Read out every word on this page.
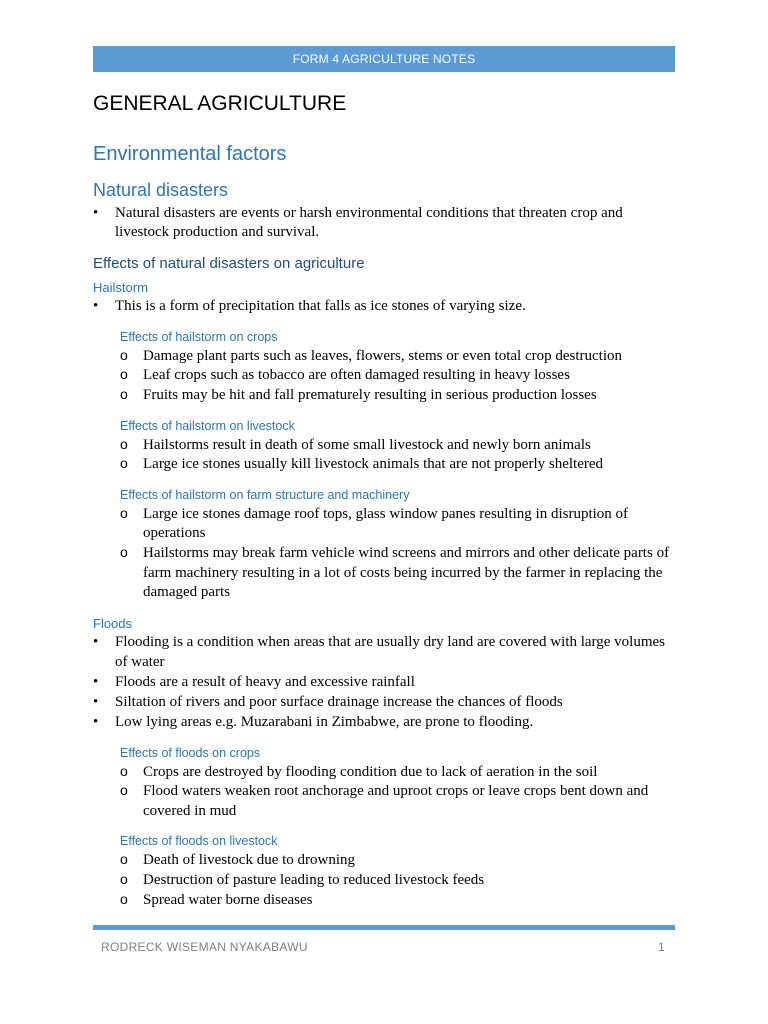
FORM 4 AGRICULTURE NOTES
GENERAL AGRICULTURE
Environmental factors
Natural disasters
• Natural disasters are events or harsh environmental conditions that threaten crop and livestock production and survival.
Effects of natural disasters on agriculture
Hailstorm
• This is a form of precipitation that falls as ice stones of varying size.
Effects of hailstorm on crops
o Damage plant parts such as leaves, flowers, stems or even total crop destruction
o Leaf crops such as tobacco are often damaged resulting in heavy losses
o Fruits may be hit and fall prematurely resulting in serious production losses
Effects of hailstorm on livestock
o Hailstorms result in death of some small livestock and newly born animals
o Large ice stones usually kill livestock animals that are not properly sheltered
Effects of hailstorm on farm structure and machinery
o Large ice stones damage roof tops, glass window panes resulting in disruption of operations
o Hailstorms may break farm vehicle wind screens and mirrors and other delicate parts of farm machinery resulting in a lot of costs being incurred by the farmer in replacing the damaged parts
Floods
• Flooding is a condition when areas that are usually dry land are covered with large volumes of water
• Floods are a result of heavy and excessive rainfall
• Siltation of rivers and poor surface drainage increase the chances of floods
• Low lying areas e.g. Muzarabani in Zimbabwe, are prone to flooding.
Effects of floods on crops
o Crops are destroyed by flooding condition due to lack of aeration in the soil
o Flood waters weaken root anchorage and uproot crops or leave crops bent down and covered in mud
Effects of floods on livestock
o Death of livestock due to drowning
o Destruction of pasture leading to reduced livestock feeds
o Spread water borne diseases
RODRECK WISEMAN NYAKABAWU	1
